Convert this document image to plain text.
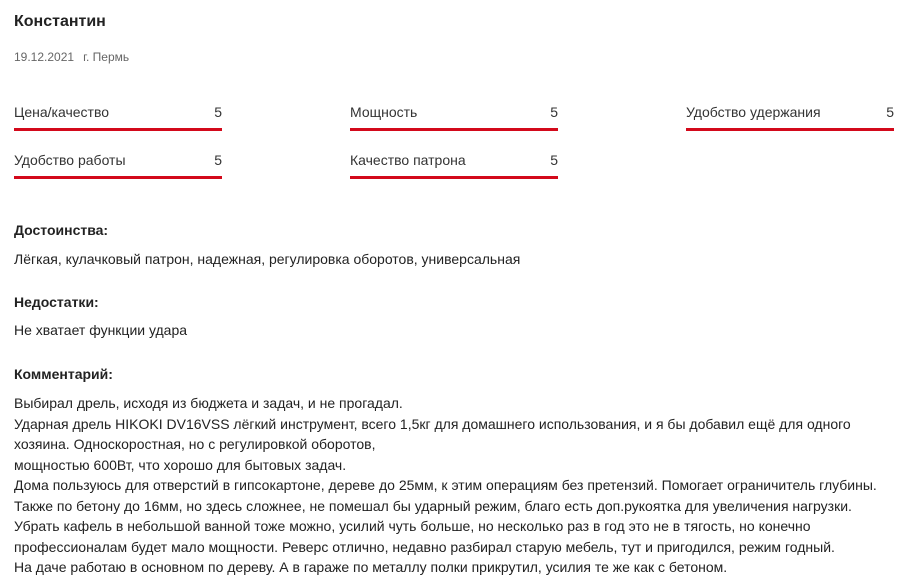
Константин
19.12.2021 г. Пермь
Цена/качество	5	Мощность	5	Удобство удержания	5
Удобство работы	5	Качество патрона	5
Достоинства:
Лёгкая, кулачковый патрон, надежная, регулировка оборотов, универсальная
Недостатки:
Не хватает функции удара
Комментарий:
Выбирал дрель, исходя из бюджета и задач, и не прогадал.
Ударная дрель HIKOKI DV16VSS лёгкий инструмент, всего 1,5кг для домашнего использования, и я бы добавил ещё для одного
хозяина. Односкоростная, но с регулировкой оборотов,
мощностью 600Вт, что хорошо для бытовых задач.
Дома пользуюсь для отверстий в гипсокартоне, дереве до 25мм, к этим операциям без претензий. Помогает ограничитель глубины.
Также по бетону до 16мм, но здесь сложнее, не помешал бы ударный режим, благо есть доп.рукоятка для увеличения нагрузки.
Убрать кафель в небольшой ванной тоже можно, усилий чуть больше, но несколько раз в год это не в тягость, но конечно
профессионалам будет мало мощности. Реверс отлично, недавно разбирал старую мебель, тут и пригодился, режим годный.
На даче работаю в основном по дереву. А в гараже по металлу полки прикрутил, усилия те же как с бетоном.
